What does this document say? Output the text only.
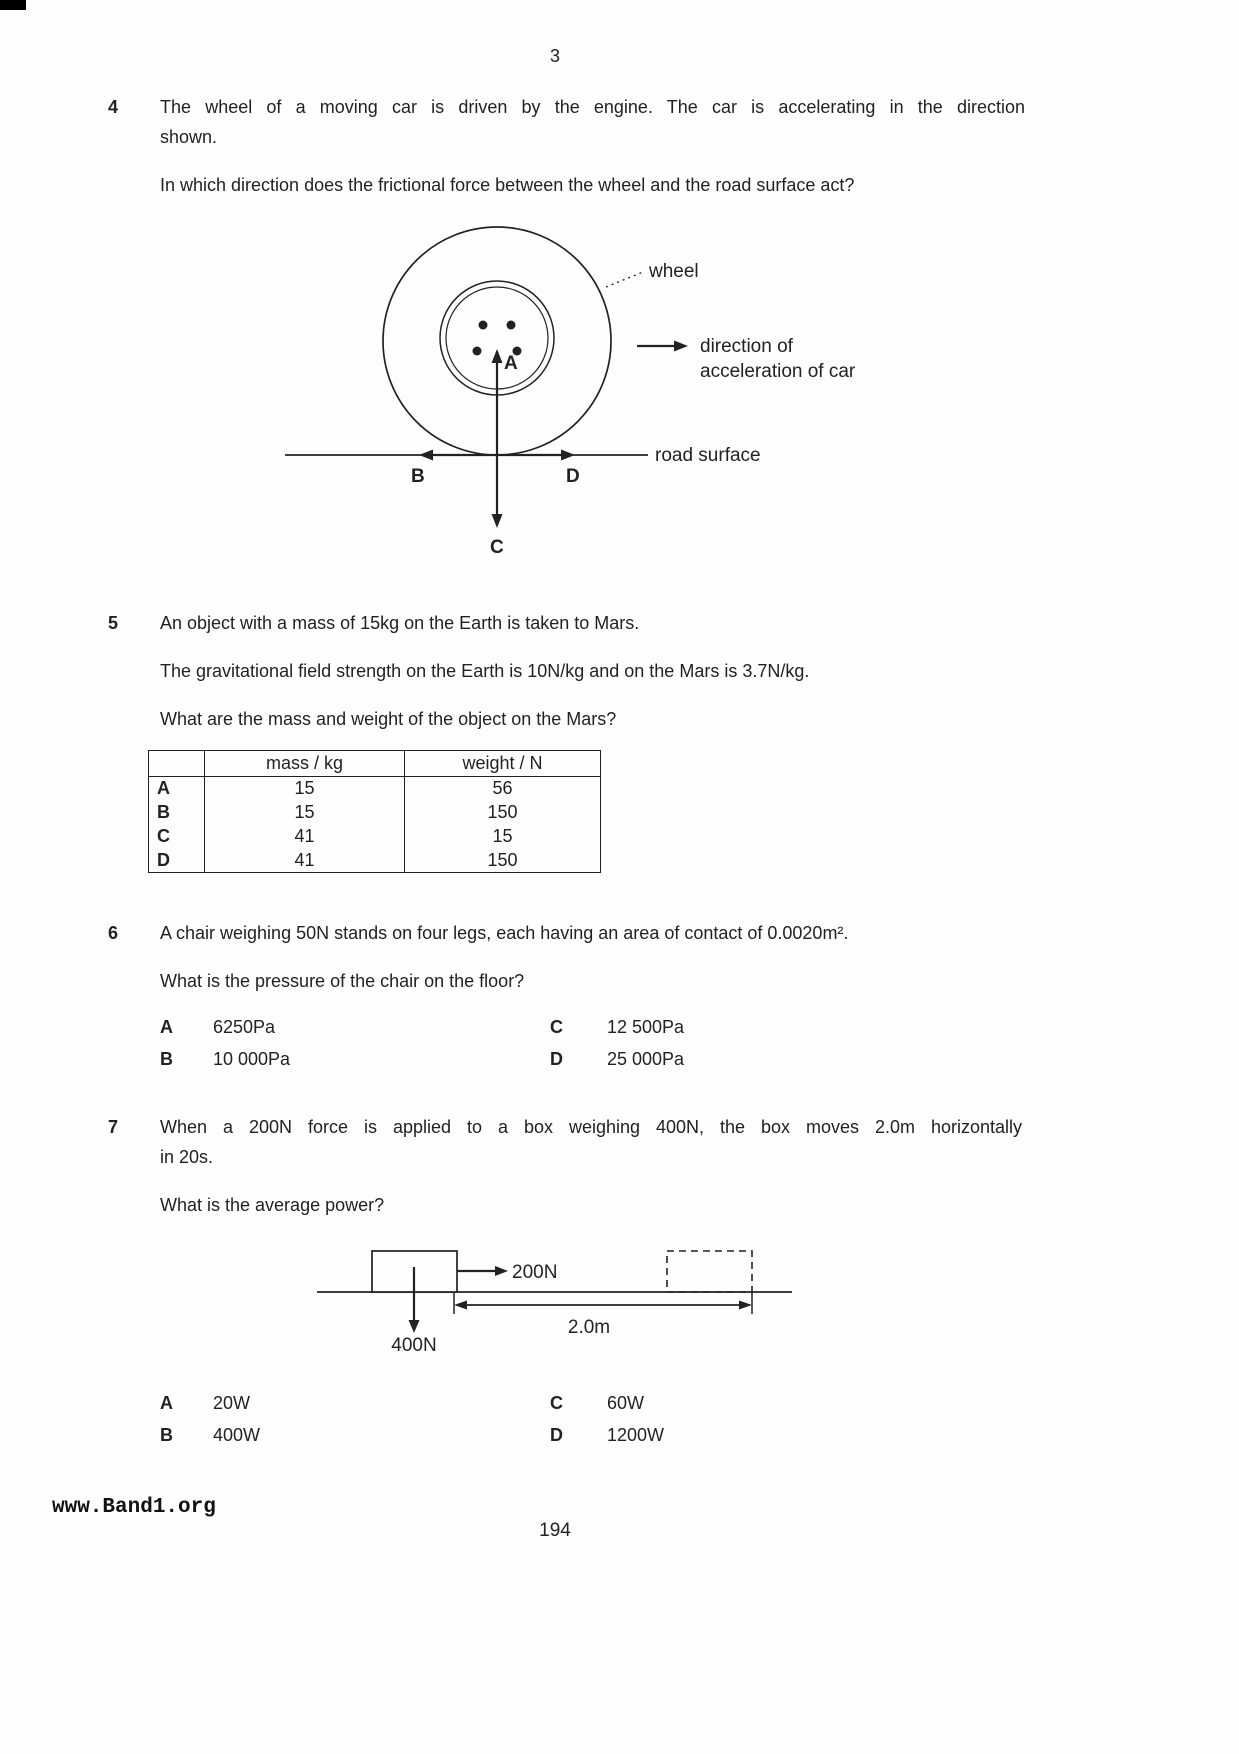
3
4	The wheel of a moving car is driven by the engine. The car is accelerating in the direction
shown.
In which direction does the frictional force between the wheel and the road surface act?
road surface
A
B	D
C
wheel
direction of
acceleration of car
5	An object with a mass of 15kg on the Earth is taken to Mars.
The gravitational field strength on the Earth is 10N/kg and on the Mars is 3.7N/kg.
What are the mass and weight of the object on the Mars?
	mass / kg	weight / N
A	15	56
B	15	150
C	41	15
D	41	150
6	A chair weighing 50N stands on four legs, each having an area of contact of 0.0020m².
What is the pressure of the chair on the floor?
A	6250Pa	C	12 500Pa
B	10 000Pa	D	25 000Pa
7	When a 200N force is applied to a box weighing 400N, the box moves 2.0m horizontally
in 20s.
What is the average power?
200N
400N
2.0m
A	20W	C	60W
B	400W	D	1200W
www.Band1.org
194
